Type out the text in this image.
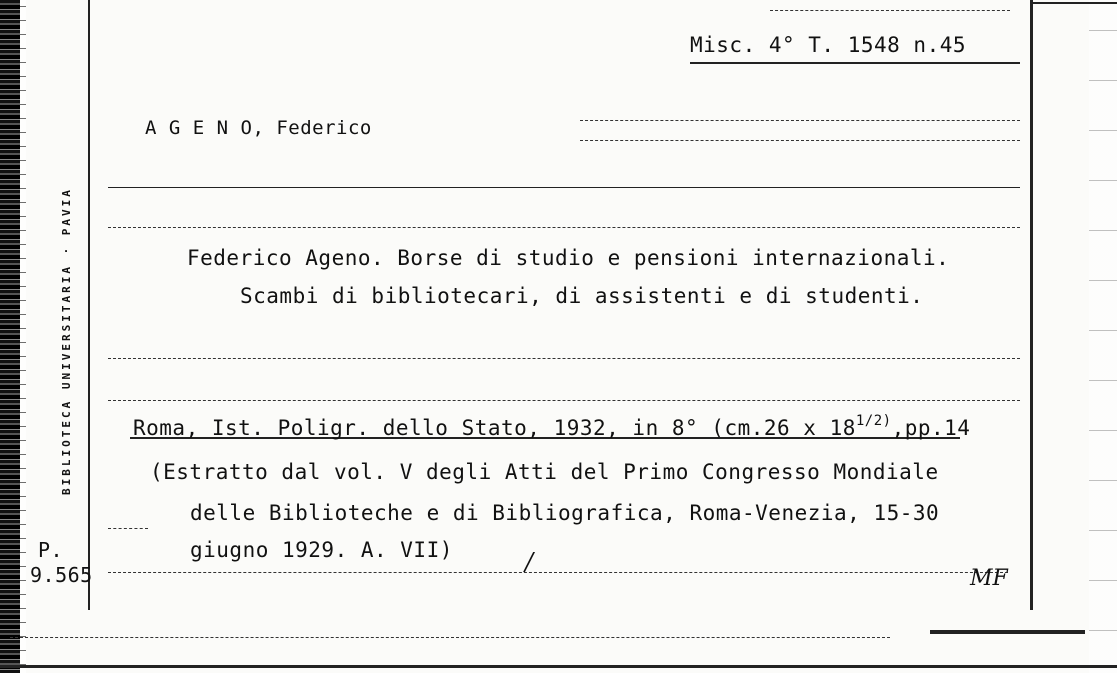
BIBLIOTECA UNIVERSITARIA · PAVIA
Misc. 4° T. 1548 n.45
A G E N O, Federico
Federico Ageno. Borse di studio e pensioni internazionali.
Scambi di bibliotecari, di assistenti e di studenti.
Roma, Ist. Poligr. dello Stato, 1932, in 8° (cm.26 x $18^{1/2)},pp.14$
(Estratto dal vol. V degli Atti del Primo Congresso Mondiale
delle Biblioteche e di Bibliografica, Roma-Venezia, 15-30
giugno 1929. A. VII)
P.
9.565	MF
/
